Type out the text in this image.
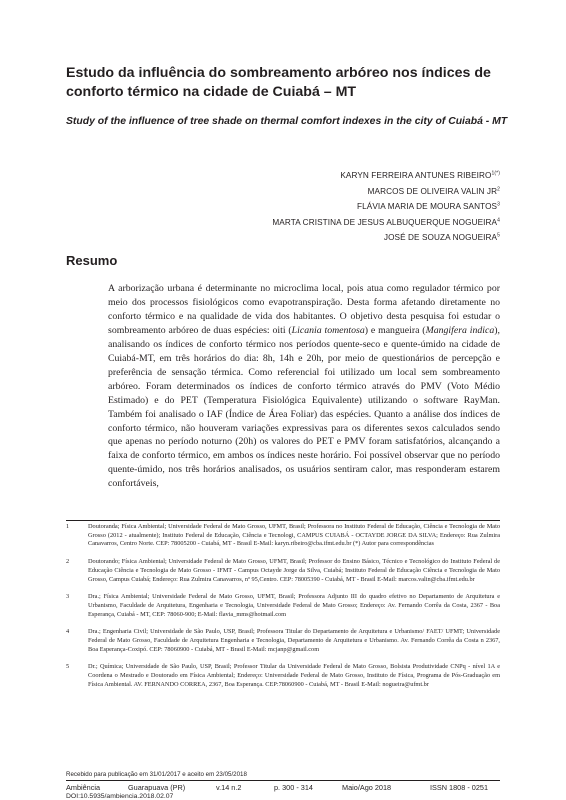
Estudo da influência do sombreamento arbóreo nos índices de conforto térmico na cidade de Cuiabá – MT
Study of the influence of tree shade on thermal comfort indexes in the city of Cuiabá - MT
KARYN FERREIRA ANTUNES $RIBEIRO^{1(*)}$
MARCOS DE OLIVEIRA VALIN $JR^2$
FLÁVIA MARIA DE MOURA SANTOS$^3$
MARTA CRISTINA DE JESUS ALBUQUERQUE NOGUEIRA$^4$
JOSÉ DE SOUZA NOGUEIRA$^5$
Resumo
A arborização urbana é determinante no microclima local, pois atua como regulador térmico por meio dos processos fisiológicos como evapotranspiração. Desta forma afetando diretamente no conforto térmico e na qualidade de vida dos habitantes. O objetivo desta pesquisa foi estudar o sombreamento arbóreo de duas espécies: oiti (Licania tomentosa) e mangueira (Mangifera indica), analisando os índices de conforto térmico nos períodos quente-seco e quente-úmido na cidade de Cuiabá-MT, em três horários do dia: 8h, 14h e 20h, por meio de questionários de percepção e preferência de sensação térmica. Como referencial foi utilizado um local sem sombreamento arbóreo. Foram determinados os índices de conforto térmico através do PMV (Voto Médio Estimado) e do PET (Temperatura Fisiológica Equivalente) utilizando o software RayMan. Também foi analisado o IAF (Índice de Área Foliar) das espécies. Quanto a análise dos índices de conforto térmico, não houveram variações expressivas para os diferentes sexos calculados sendo que apenas no período noturno (20h) os valores do PET e PMV foram satisfatórios, alcançando a faixa de conforto térmico, em ambos os índices neste horário. Foi possível observar que no período quente-úmido, nos três horários analisados, os usuários sentiram calor, mas responderam estarem confortáveis,
1	Doutoranda; Física Ambiental; Universidade Federal de Mato Grosso, UFMT, Brasil; Professora no Instituto Federal de Educação, Ciência e Tecnologia de Mato Grosso (2012 - atualmente); Instituto Federal de Educação, Ciência e Tecnologi, CAMPUS CUIABÁ - OCTAYDE JORGE DA SILVA; Endereço: Rua Zulmira Canavarros, Centro Norte. CEP: 78005200 - Cuiabá, MT - Brasil E-Mail: karyn.ribeiro@cba.ifmt.edu.br (*) Autor para correspondências
2	Doutorando; Física Ambiental; Universidade Federal de Mato Grosso, UFMT, Brasil; Professor do Ensino Básico, Técnico e Tecnológico do Instituto Federal de Educação Ciência e Tecnologia de Mato Grosso - IFMT - Campus Octayde Jorge da Silva, Cuiabá; Instituto Federal de Educação Ciência e Tecnologia de Mato Grosso, Campus Cuiabá; Endereço: Rua Zulmira Canavarros, nº 95,Centro. CEP: 78005390 - Cuiabá, MT - Brasil E-Mail: marcos.valin@cba.ifmt.edu.br
3	Dra.; Física Ambiental; Universidade Federal de Mato Grosso, UFMT, Brasil; Professora Adjunto III do quadro efetivo no Departamento de Arquitetura e Urbanismo, Faculdade de Arquitetura, Engenharia e Tecnologia, Universidade Federal de Mato Grosso; Endereço: Av. Fernando Corrêa da Costa, 2367 - Boa Esperança, Cuiabá - MT, CEP: 78060-900; E-Mail: flavia_mms@hotmail.com
4	Dra.; Engenharia Civil; Universidade de São Paulo, USP, Brasil; Professora Titular do Departamento de Arquitetura e Urbanismo/ FAET/ UFMT; Universidade Federal de Mato Grosso, Faculdade de Arquitetura Engenharia e Tecnologia, Departamento de Arquitetura e Urbanismo. Av. Fernando Corrêa da Costa n 2367, Boa Esperança-Coxipó. CEP: 78060900 - Cuiabá, MT - Brasil E-Mail: mcjanp@gmail.com
5	Dr.; Química; Universidade de São Paulo, USP, Brasil; Professor Titular da Universidade Federal de Mato Grosso, Bolsista Produtividade CNPq - nível 1A e Coordena o Mestrado e Doutorado em Física Ambiental; Endereço: Universidade Federal de Mato Grosso, Instituto de Física, Programa de Pós-Graduação em Física Ambiental. AV. FERNANDO CORREA, 2367, Boa Esperança. CEP:78060900 - Cuiabá, MT - Brasil E-Mail: nogueira@ufmt.br
Recebido para publicação em 31/01/2017 e aceito em 23/05/2018
Ambiência	Guarapuava (PR)	v.14 n.2	p. 300 - 314	Maio/Ago 2018	ISSN 1808 - 0251
DOI:10.5935/ambiencia.2018.02.07
